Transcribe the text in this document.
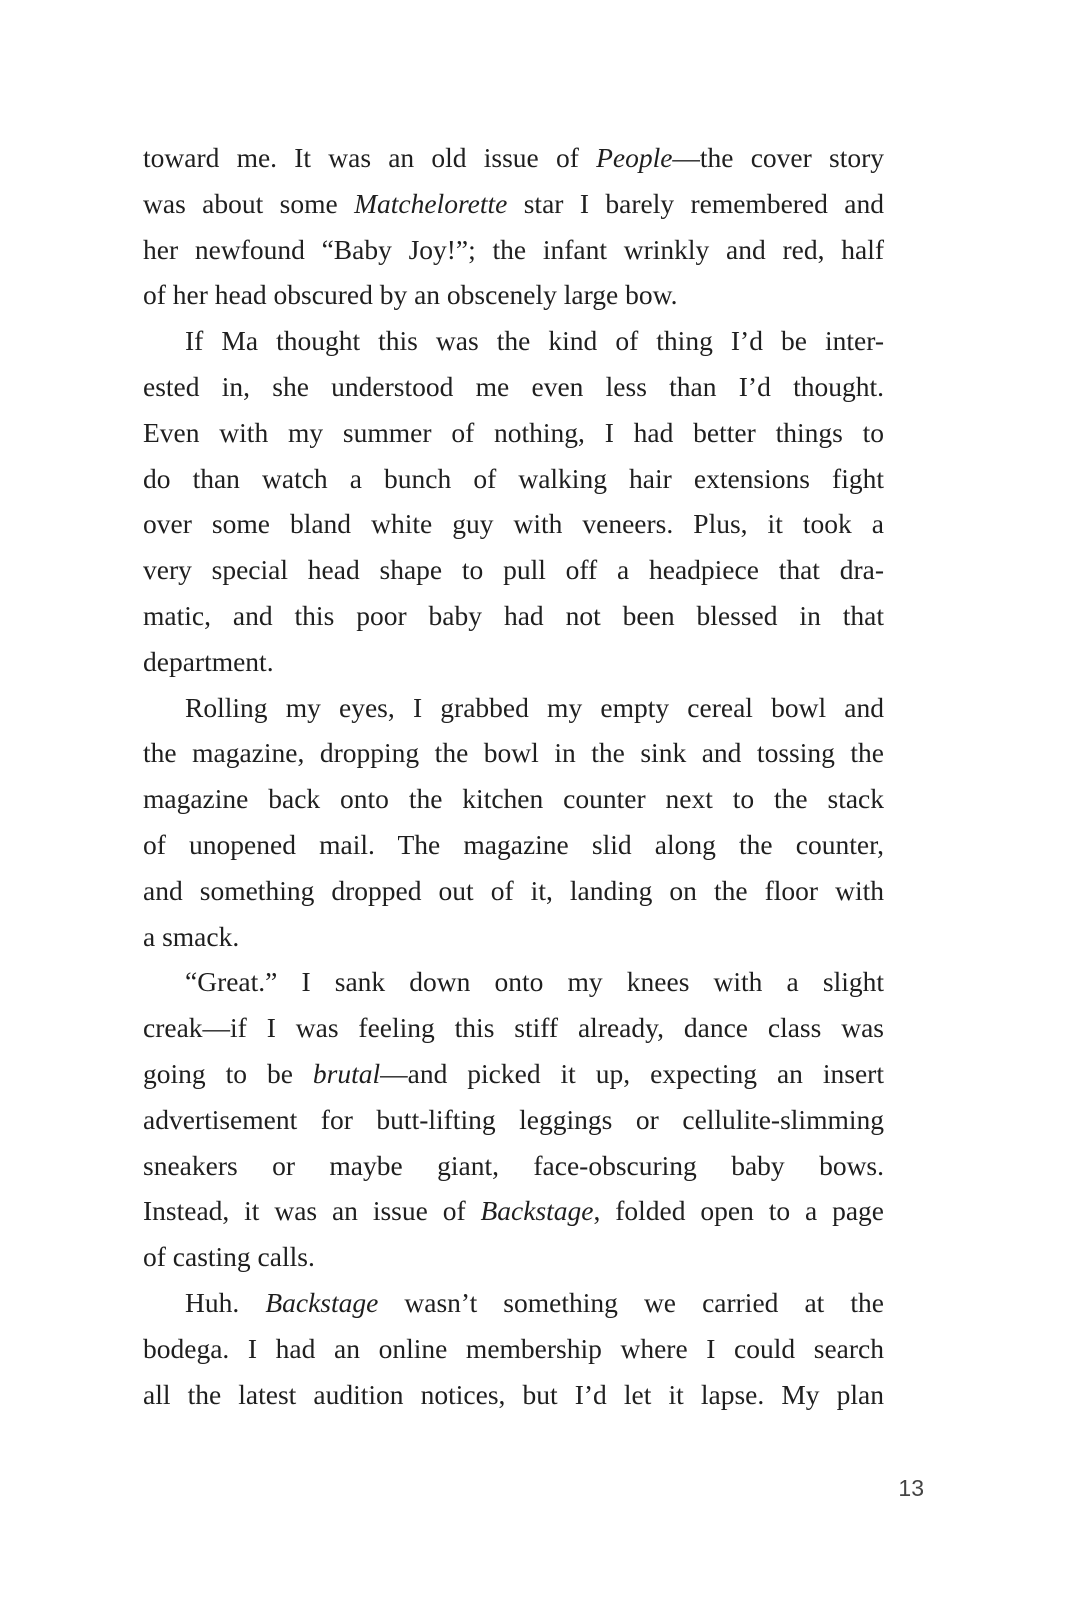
toward me. It was an old issue of People—the cover story
was about some Matchelorette star I barely remembered and
her newfound “Baby Joy!”; the infant wrinkly and red, half
of her head obscured by an obscenely large bow.
If Ma thought this was the kind of thing I’d be inter-
ested in, she understood me even less than I’d thought.
Even with my summer of nothing, I had better things to
do than watch a bunch of walking hair extensions fight
over some bland white guy with veneers. Plus, it took a
very special head shape to pull off a headpiece that dra-
matic, and this poor baby had not been blessed in that
department.
Rolling my eyes, I grabbed my empty cereal bowl and
the magazine, dropping the bowl in the sink and tossing the
magazine back onto the kitchen counter next to the stack
of unopened mail. The magazine slid along the counter,
and something dropped out of it, landing on the floor with
a smack.
“Great.” I sank down onto my knees with a slight
creak—if I was feeling this stiff already, dance class was
going to be brutal—and picked it up, expecting an insert
advertisement for butt-lifting leggings or cellulite-slimming
sneakers or maybe giant, face-obscuring baby bows.
Instead, it was an issue of Backstage, folded open to a page
of casting calls.
Huh. Backstage wasn’t something we carried at the
bodega. I had an online membership where I could search
all the latest audition notices, but I’d let it lapse. My plan
13
